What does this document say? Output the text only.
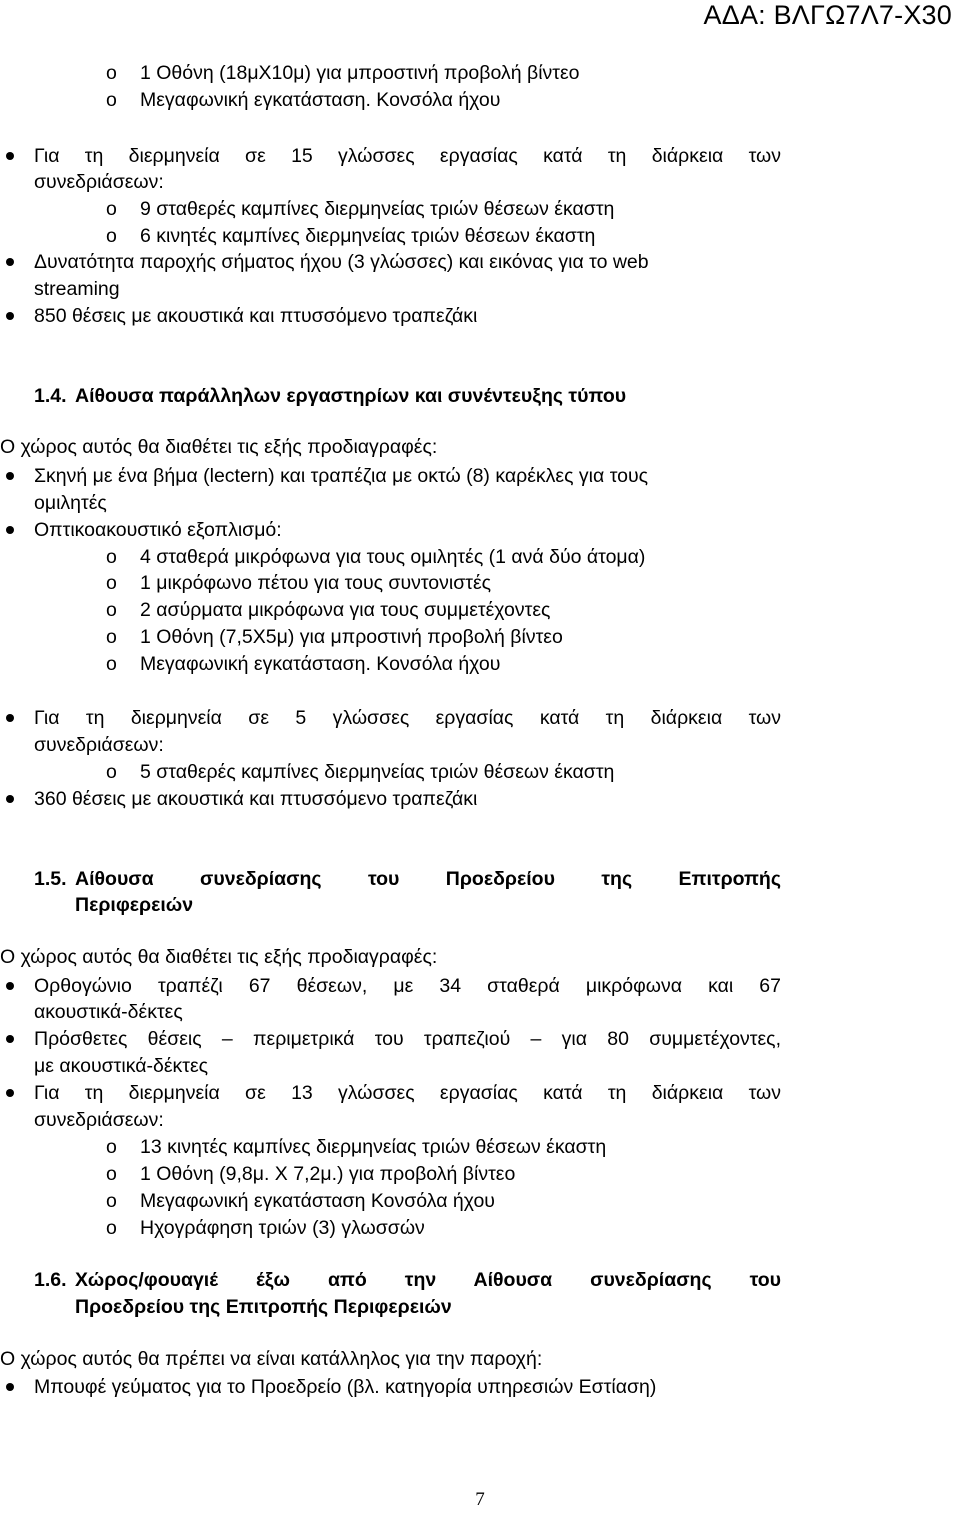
ΑΔΑ: ΒΛΓΩ7Λ7-Χ30
o 1 Οθόνη (18μΧ10μ) για μπροστινή προβολή βίντεο
o Μεγαφωνική εγκατάσταση. Κονσόλα ήχου
Για τη διερμηνεία σε 15 γλώσσες εργασίας κατά τη διάρκεια των
συνεδριάσεων:
o 9 σταθερές καμπίνες διερμηνείας τριών θέσεων έκαστη
o 6 κινητές καμπίνες διερμηνείας τριών θέσεων έκαστη
Δυνατότητα παροχής σήματος ήχου (3 γλώσσες) και εικόνας για το web
streaming
850 θέσεις με ακουστικά και πτυσσόμενο τραπεζάκι
1.4. Αίθουσα παράλληλων εργαστηρίων και συνέντευξης τύπου
Ο χώρος αυτός θα διαθέτει τις εξής προδιαγραφές:
Σκηνή με ένα βήμα (lectern) και τραπέζια με οκτώ (8) καρέκλες για τους
ομιλητές
Οπτικοακουστικό εξοπλισμό:
o 4 σταθερά μικρόφωνα για τους ομιλητές (1 ανά δύο άτομα)
o 1 μικρόφωνο πέτου για τους συντονιστές
o 2 ασύρματα μικρόφωνα για τους συμμετέχοντες
o 1 Οθόνη (7,5Χ5μ) για μπροστινή προβολή βίντεο
o Μεγαφωνική εγκατάσταση. Κονσόλα ήχου
Για τη διερμηνεία σε 5 γλώσσες εργασίας κατά τη διάρκεια των
συνεδριάσεων:
o 5 σταθερές καμπίνες διερμηνείας τριών θέσεων έκαστη
360 θέσεις με ακουστικά και πτυσσόμενο τραπεζάκι
1.5. Αίθουσα συνεδρίασης του Προεδρείου της Επιτροπής
Περιφερειών
Ο χώρος αυτός θα διαθέτει τις εξής προδιαγραφές:
Ορθογώνιο τραπέζι 67 θέσεων, με 34 σταθερά μικρόφωνα και 67
ακουστικά-δέκτες
Πρόσθετες θέσεις – περιμετρικά του τραπεζιού – για 80 συμμετέχοντες,
με ακουστικά-δέκτες
Για τη διερμηνεία σε 13 γλώσσες εργασίας κατά τη διάρκεια των
συνεδριάσεων:
o 13 κινητές καμπίνες διερμηνείας τριών θέσεων έκαστη
o 1 Οθόνη (9,8μ. Χ 7,2μ.) για προβολή βίντεο
o Μεγαφωνική εγκατάσταση Κονσόλα ήχου
o Ηχογράφηση τριών (3) γλωσσών
1.6. Χώρος/φουαγιέ έξω από την Αίθουσα συνεδρίασης του
Προεδρείου της Επιτροπής Περιφερειών
Ο χώρος αυτός θα πρέπει να είναι κατάλληλος για την παροχή:
Μπουφέ γεύματος για το Προεδρείο (βλ. κατηγορία υπηρεσιών Εστίαση)
7
